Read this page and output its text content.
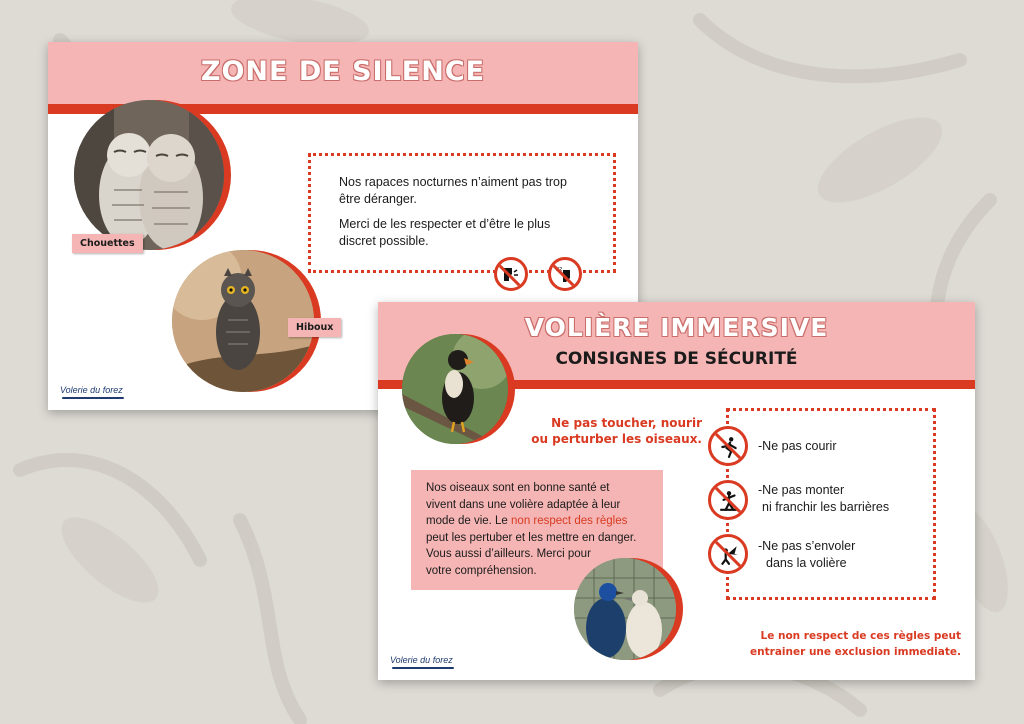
ZONE DE SILENCE
Chouettes
Hiboux
Nos rapaces nocturnes n’aiment pas trop
être déranger.
Merci de les respecter et d’être le plus
discret possible.
zz
Volerie du forez
VOLIÈRE IMMERSIVE
CONSIGNES DE SÉCURITÉ
Ne pas toucher, nourir
ou perturber les oiseaux.
Nos oiseaux sont en bonne santé et
vivent dans une volière adaptée à leur
mode de vie. Le non respect des règles
peut les pertuber et les mettre en danger.
Vous aussi d’ailleurs. Merci pour
votre compréhension.
-Ne pas courir
-Ne pas monter
ni franchir les barrières
-Ne pas s’envoler
dans la volière
Le non respect de ces règles peut
entrainer une exclusion immediate.
Volerie du forez
